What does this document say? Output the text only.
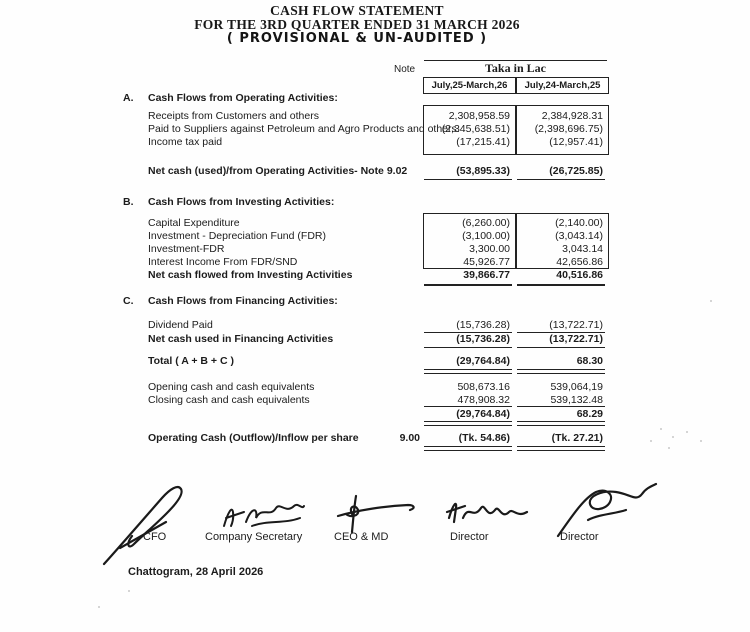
CASH FLOW STATEMENT
FOR THE 3RD QUARTER ENDED 31 MARCH 2026
( PROVISIONAL & UN-AUDITED )
Note	Taka in Lac
July,25-March,26	July,24-March,25
A. Cash Flows from Operating Activities:
Receipts from Customers and others	2,308,958.59	2,384,928.31
Paid to Suppliers against Petroleum and Agro Products and others.
(2,345,638.51)	(2,398,696.75)
Income tax paid	(17,215.41)	(12,957.41)
Net cash (used)/from Operating Activities- Note 9.02	(53,895.33)	(26,725.85)
B. Cash Flows from Investing Activities:
Capital Expenditure	(6,260.00)	(2,140.00)
Investment - Depreciation Fund (FDR)	(3,100.00)	(3,043.14)
Investment-FDR	3,300.00	3,043.14
Interest Income From FDR/SND	45,926.77	42,656.86
Net cash flowed from Investing Activities	39,866.77	40,516.86
C. Cash Flows from Financing Activities:
Dividend Paid	(15,736.28)	(13,722.71)
Net cash used in Financing Activities	(15,736.28)	(13,722.71)
Total ( A + B + C )	(29,764.84)	68.30
Opening cash and cash equivalents	508,673.16	539,064,19
Closing cash and cash equivalents	478,908.32	539,132.48
(29,764.84)	68.29
Operating Cash (Outflow)/Inflow per share	9.00	(Tk. 54.86)	(Tk. 27.21)
CFO	Company Secretary	CEO & MD	Director	Director
Chattogram, 28 April 2026
